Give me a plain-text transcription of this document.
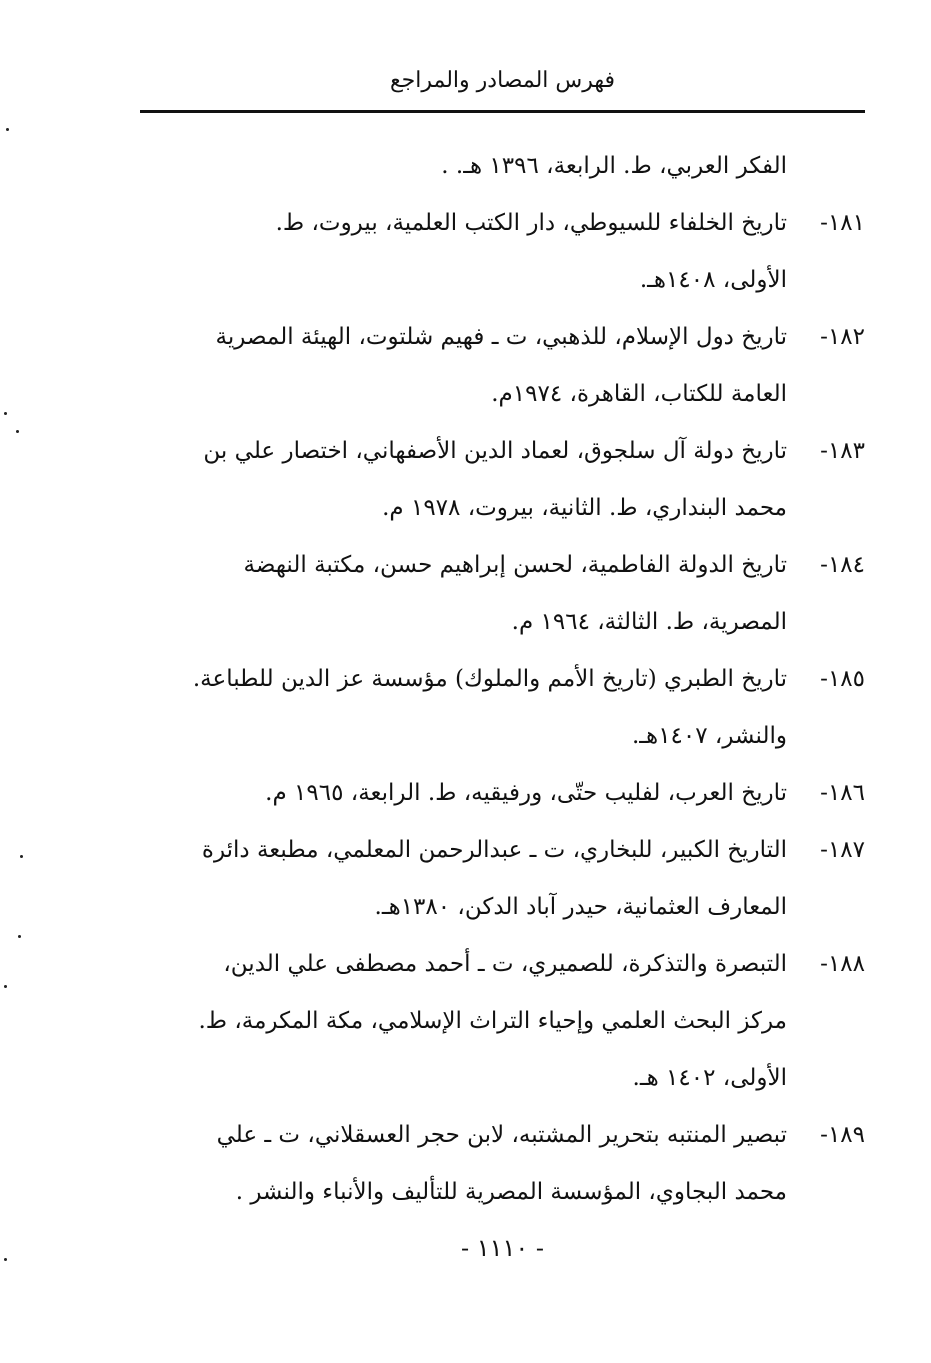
فهرس المصادر والمراجع
الفكر العربي، ط. الرابعة، ١٣٩٦ هـ. .
١٨١-
تاريخ الخلفاء للسيوطي، دار الكتب العلمية، بيروت، ط.
الأولى، ١٤٠٨هـ.
١٨٢-
تاريخ دول الإسلام، للذهبي، ت ـ فهيم شلتوت، الهيئة المصرية
العامة للكتاب، القاهرة، ١٩٧٤م.
١٨٣-
تاريخ دولة آل سلجوق، لعماد الدين الأصفهاني، اختصار علي بن
محمد البنداري، ط. الثانية، بيروت، ١٩٧٨ م.
١٨٤-
تاريخ الدولة الفاطمية، لحسن إبراهيم حسن، مكتبة النهضة
المصرية، ط. الثالثة، ١٩٦٤ م.
١٨٥-
تاريخ الطبري (تاريخ الأمم والملوك) مؤسسة عز الدين للطباعة.
والنشر، ١٤٠٧هـ.
١٨٦-
تاريخ العرب، لفليب حتّى، ورفيقيه، ط. الرابعة، ١٩٦٥ م.
١٨٧-
التاريخ الكبير، للبخاري، ت ـ عبدالرحمن المعلمي، مطبعة دائرة
المعارف العثمانية، حيدر آباد الدكن، ١٣٨٠هـ.
١٨٨-
التبصرة والتذكرة، للصميري، ت ـ أحمد مصطفى علي الدين،
مركز البحث العلمي وإحياء التراث الإسلامي، مكة المكرمة، ط.
الأولى، ١٤٠٢ هـ.
١٨٩-
تبصير المنتبه بتحرير المشتبه، لابن حجر العسقلاني، ت ـ علي
محمد البجاوي، المؤسسة المصرية للتأليف والأنباء والنشر .
- ١١١٠ -
